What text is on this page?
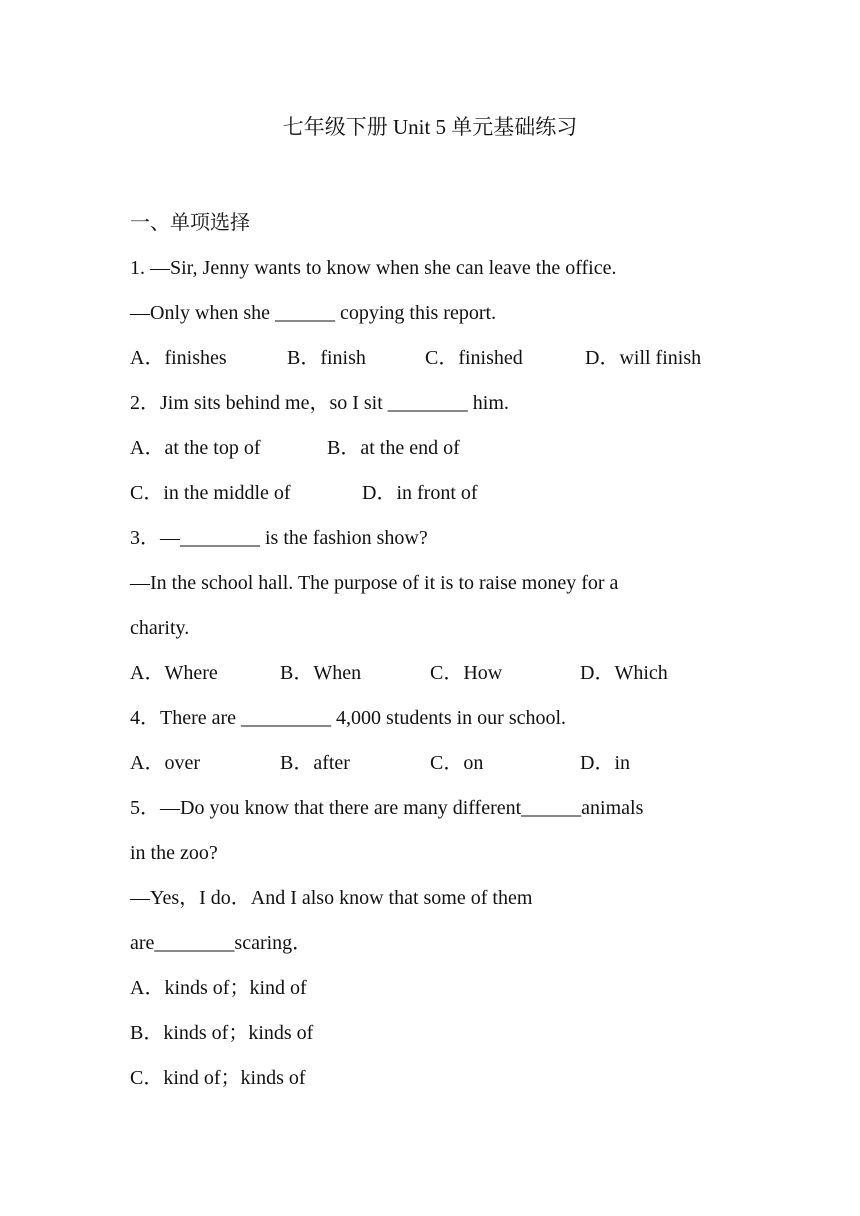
七年级下册 Unit 5 单元基础练习
一、单项选择
1. —Sir, Jenny wants to know when she can leave the office.
—Only when she ______ copying this report.
A．finishes	B．finish	C．finished	D．will finish
2．Jim sits behind me，so I sit ________ him.
A．at the top of	B．at the end of
C．in the middle of	D．in front of
3．—________ is the fashion show?
—In the school hall. The purpose of it is to raise money for a
charity.
A．Where	B．When	C．How	D．Which
4．There are _________ 4,000 students in our school.
A．over	B．after	C．on	D．in
5．—Do you know that there are many different______animals
in the zoo?
—Yes，I do．And I also know that some of them
are________scaring．
A．kinds of；kind of
B．kinds of；kinds of
C．kind of；kinds of
